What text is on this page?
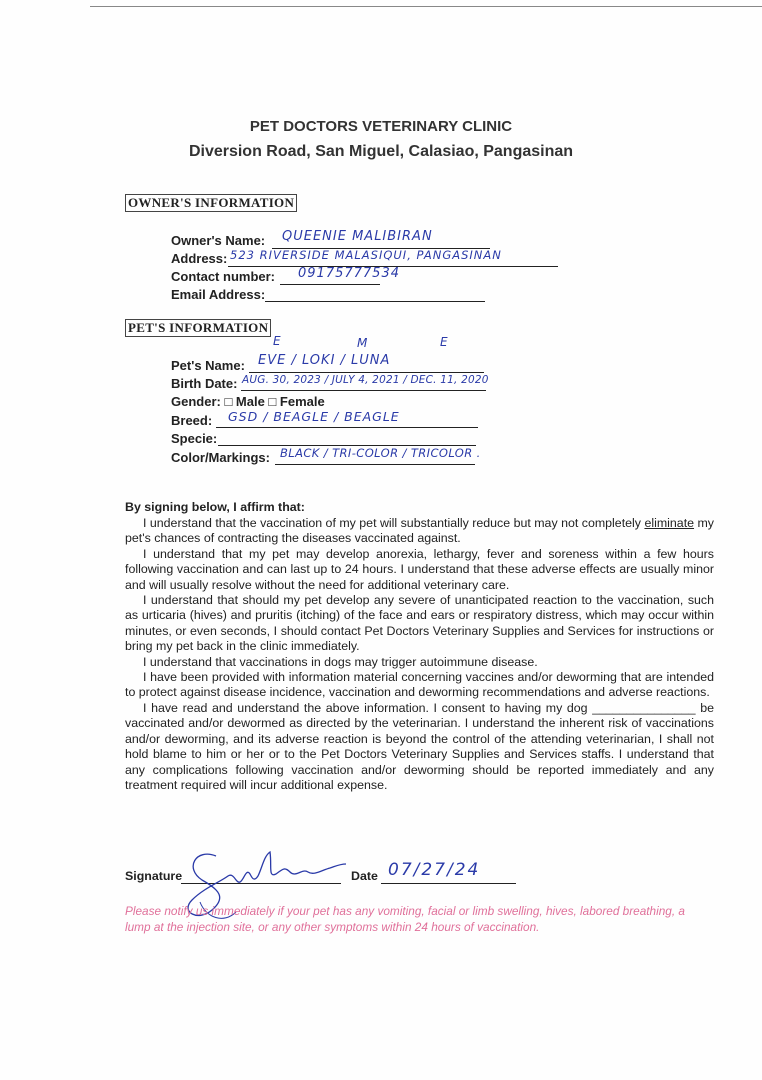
PET DOCTORS VETERINARY CLINIC
Diversion Road, San Miguel, Calasiao, Pangasinan
OWNER'S INFORMATION
Owner's Name: QUEENIE MALIBIRAN
Address: 523 RIVERSIDE MALASIQUI, PANGASINAN
Contact number: 09175777534
Email Address:
PET'S INFORMATION
E	M	E
Pet's Name: EVE / LOKI / LUNA
Birth Date: AUG. 30, 2023 / JULY 4, 2021 / DEC. 11, 2020
Gender: □ Male □ Female
Breed: GSD / BEAGLE / BEAGLE
Specie:
Color/Markings: BLACK / TRI-COLOR / TRICOLOR .
By signing below, I affirm that:

I understand that the vaccination of my pet will substantially reduce but may not completely eliminate my pet's chances of contracting the diseases vaccinated against.

I understand that my pet may develop anorexia, lethargy, fever and soreness within a few hours following vaccination and can last up to 24 hours. I understand that these adverse effects are usually minor and will usually resolve without the need for additional veterinary care.

I understand that should my pet develop any severe of unanticipated reaction to the vaccination, such as urticaria (hives) and pruritis (itching) of the face and ears or respiratory distress, which may occur within minutes, or even seconds, I should contact Pet Doctors Veterinary Supplies and Services for instructions or bring my pet back in the clinic immediately.

I understand that vaccinations in dogs may trigger autoimmune disease.

I have been provided with information material concerning vaccines and/or deworming that are intended to protect against disease incidence, vaccination and deworming recommendations and adverse reactions.

I have read and understand the above information. I consent to having my dog _______________ be vaccinated and/or dewormed as directed by the veterinarian. I understand the inherent risk of vaccinations and/or deworming, and its adverse reaction is beyond the control of the attending veterinarian, I shall not hold blame to him or her or to the Pet Doctors Veterinary Supplies and Services staffs. I understand that any complications following vaccination and/or deworming should be reported immediately and any treatment required will incur additional expense.

Signature	Date 07/27/24
Please notify us immediately if your pet has any vomiting, facial or limb swelling, hives, labored breathing, a lump at the injection site, or any other symptoms within 24 hours of vaccination.
